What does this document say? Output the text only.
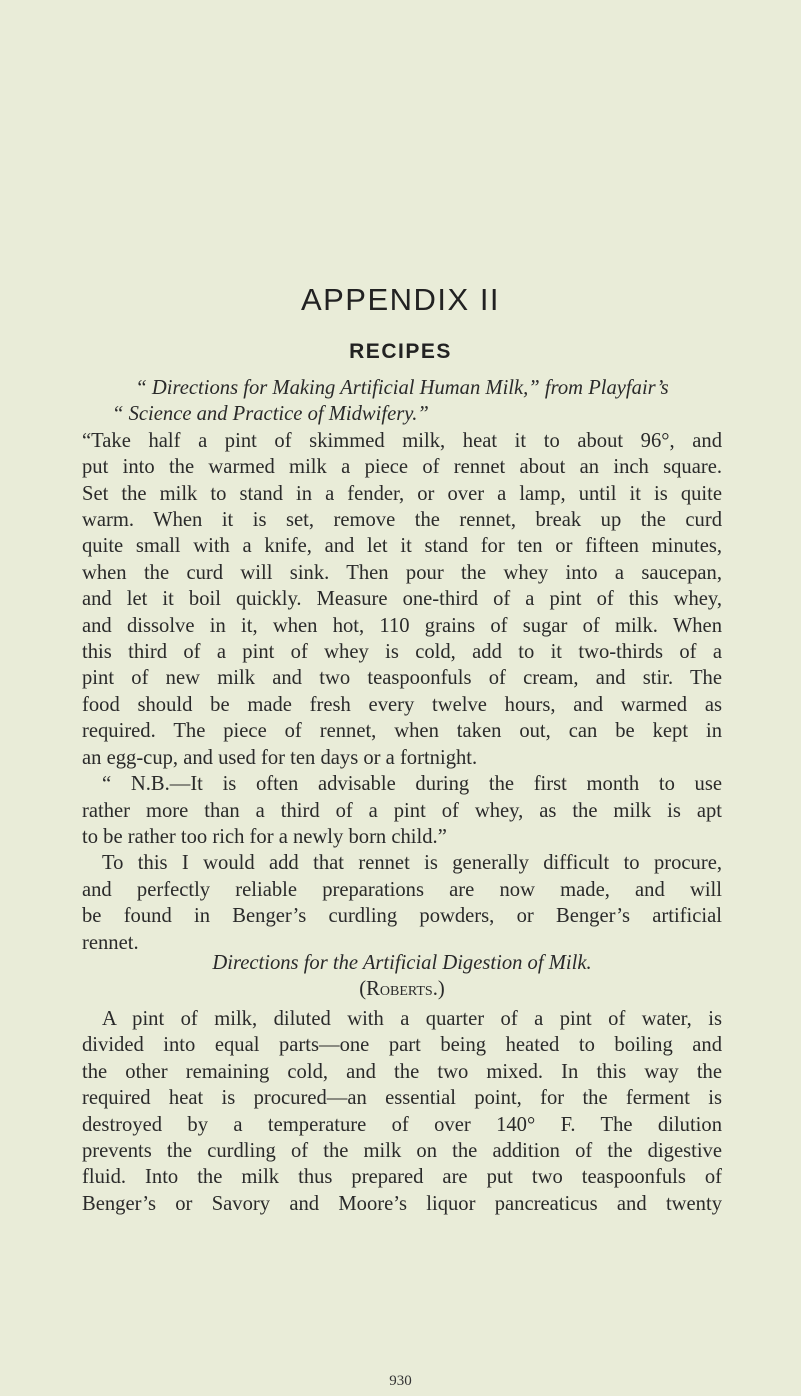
APPENDIX II
RECIPES
“ Directions for Making Artificial Human Milk,” from Playfair’s
“ Science and Practice of Midwifery.”
“Take half a pint of skimmed milk, heat it to about 96°, and
put into the warmed milk a piece of rennet about an inch square.
Set the milk to stand in a fender, or over a lamp, until it is quite
warm. When it is set, remove the rennet, break up the curd
quite small with a knife, and let it stand for ten or fifteen minutes,
when the curd will sink. Then pour the whey into a saucepan,
and let it boil quickly. Measure one-third of a pint of this whey,
and dissolve in it, when hot, 110 grains of sugar of milk. When
this third of a pint of whey is cold, add to it two-thirds of a
pint of new milk and two teaspoonfuls of cream, and stir. The
food should be made fresh every twelve hours, and warmed as
required. The piece of rennet, when taken out, can be kept in
an egg-cup, and used for ten days or a fortnight.
“ N.B.—It is often advisable during the first month to use
rather more than a third of a pint of whey, as the milk is apt
to be rather too rich for a newly born child.”
To this I would add that rennet is generally difficult to procure,
and perfectly reliable preparations are now made, and will
be found in Benger’s curdling powders, or Benger’s artificial
rennet.
Directions for the Artificial Digestion of Milk.
(Roberts.)
A pint of milk, diluted with a quarter of a pint of water, is
divided into equal parts—one part being heated to boiling and
the other remaining cold, and the two mixed. In this way the
required heat is procured—an essential point, for the ferment is
destroyed by a temperature of over 140° F. The dilution
prevents the curdling of the milk on the addition of the digestive
fluid. Into the milk thus prepared are put two teaspoonfuls of
Benger’s or Savory and Moore’s liquor pancreaticus and twenty
930
